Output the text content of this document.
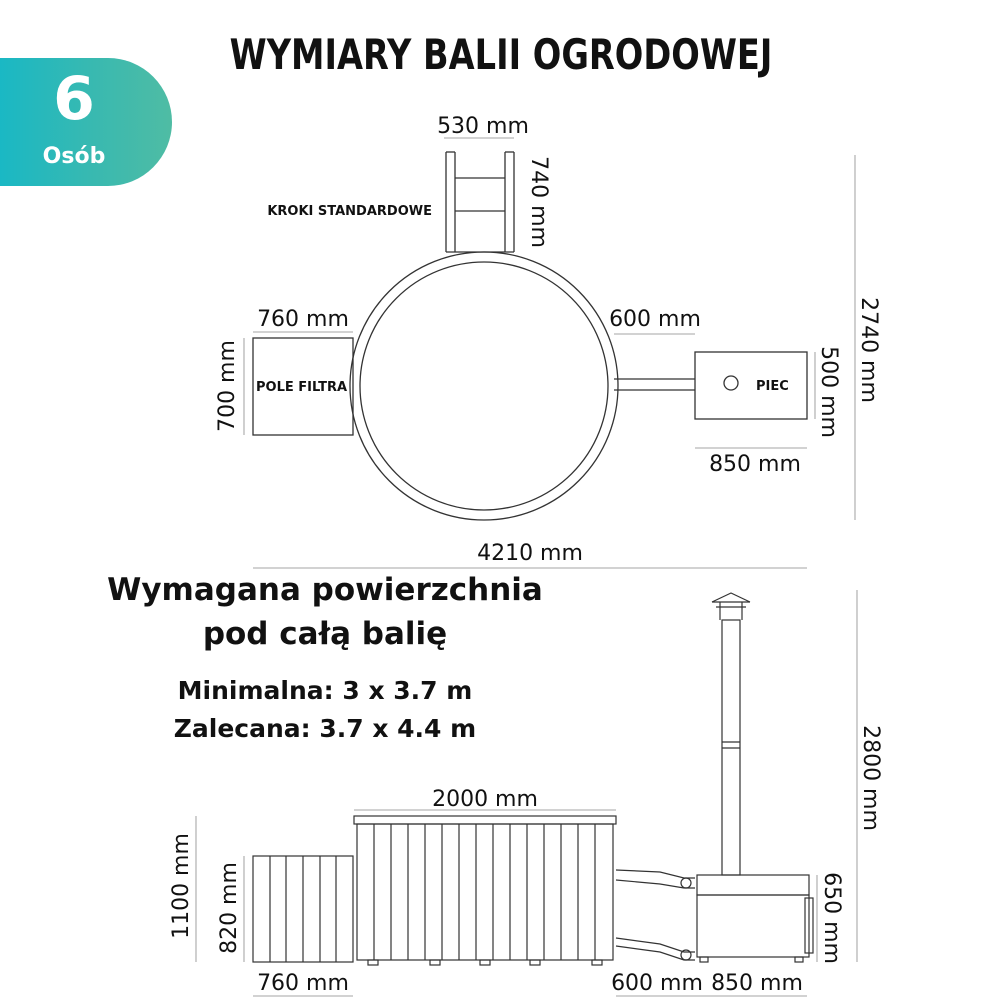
WYMIARY BALII OGRODOWEJ
6
Osób
530 mm
740 mm
KROKI STANDARDOWE
760 mm
700 mm POLE FILTRA
600 mm
PIEC 500 mm
850 mm
2740 mm
4210 mm
2000 mm
1100 mm 820 mm
760 mm	600 mm 850 mm
650 mm
2800 mm
Wymagana powierzchnia
pod całą balię
Minimalna: 3 x 3.7 m
Zalecana: 3.7 x 4.4 m
